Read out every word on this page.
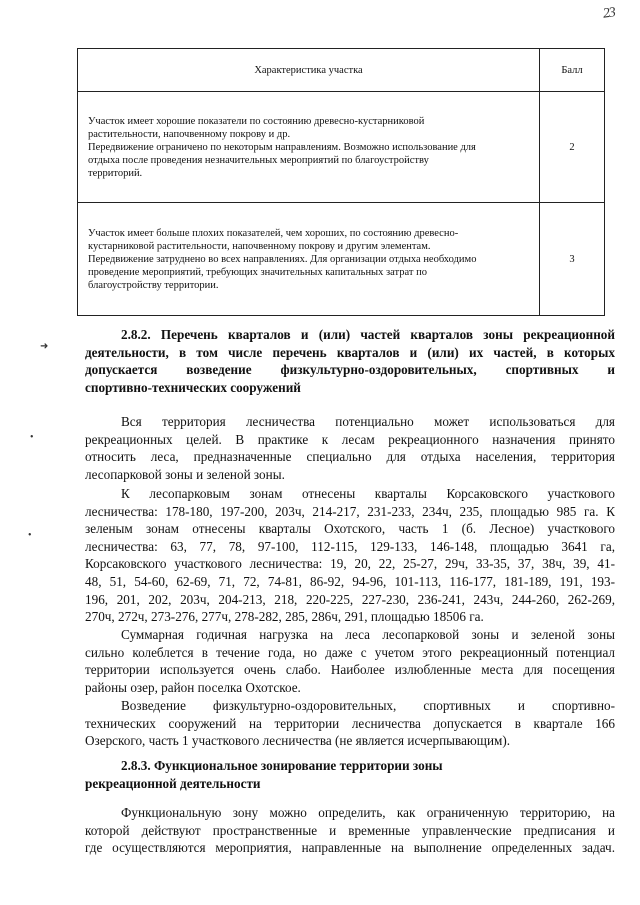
23
Характеристика участка	Балл

Участок имеет хорошие показатели по состоянию древесно-кустарниковой
растительности, напочвенному покрову и др.
Передвижение ограничено по некоторым направлениям. Возможно использование для
отдыха после проведения незначительных мероприятий по благоустройству
территорий.	2

Участок имеет больше плохих показателей, чем хороших, по состоянию древесно-
кустарниковой растительности, напочвенному покрову и другим элементам.
Передвижение затруднено во всех направлениях. Для организации отдыха необходимо
проведение мероприятий, требующих значительных капитальных затрат по
благоустройству территории.	3
➜
•
•
2.8.2. Перечень кварталов и (или) частей кварталов зоны рекреационной
деятельности, в том числе перечень кварталов и (или) их частей, в которых
допускается возведение физкультурно-оздоровительных, спортивных и
спортивно-технических сооружений
Вся территория лесничества потенциально может использоваться для
рекреационных целей. В практике к лесам рекреационного назначения принято
относить леса, предназначенные специально для отдыха населения, территория
лесопарковой зоны и зеленой зоны.
К лесопарковым зонам отнесены кварталы Корсаковского участкового
лесничества: 178-180, 197-200, 203ч, 214-217, 231-233, 234ч, 235, площадью 985 га. К
зеленым зонам отнесены кварталы Охотского, часть 1 (б. Лесное) участкового
лесничества: 63, 77, 78, 97-100, 112-115, 129-133, 146-148, площадью 3641 га,
Корсаковского участкового лесничества: 19, 20, 22, 25-27, 29ч, 33-35, 37, 38ч, 39, 41-
48, 51, 54-60, 62-69, 71, 72, 74-81, 86-92, 94-96, 101-113, 116-177, 181-189, 191, 193-
196, 201, 202, 203ч, 204-213, 218, 220-225, 227-230, 236-241, 243ч, 244-260, 262-269,
270ч, 272ч, 273-276, 277ч, 278-282, 285, 286ч, 291, площадью 18506 га.
Суммарная годичная нагрузка на леса лесопарковой зоны и зеленой зоны
сильно колеблется в течение года, но даже с учетом этого рекреационный потенциал
территории используется очень слабо. Наиболее излюбленные места для посещения
районы озер, район поселка Охотское.
Возведение физкультурно-оздоровительных, спортивных и спортивно-
технических сооружений на территории лесничества допускается в квартале 166
Озерского, часть 1 участкового лесничества (не является исчерпывающим).
2.8.3. Функциональное зонирование территории зоны
рекреационной деятельности
Функциональную зону можно определить, как ограниченную территорию, на
которой действуют пространственные и временные управленческие предписания и
где осуществляются мероприятия, направленные на выполнение определенных задач.
